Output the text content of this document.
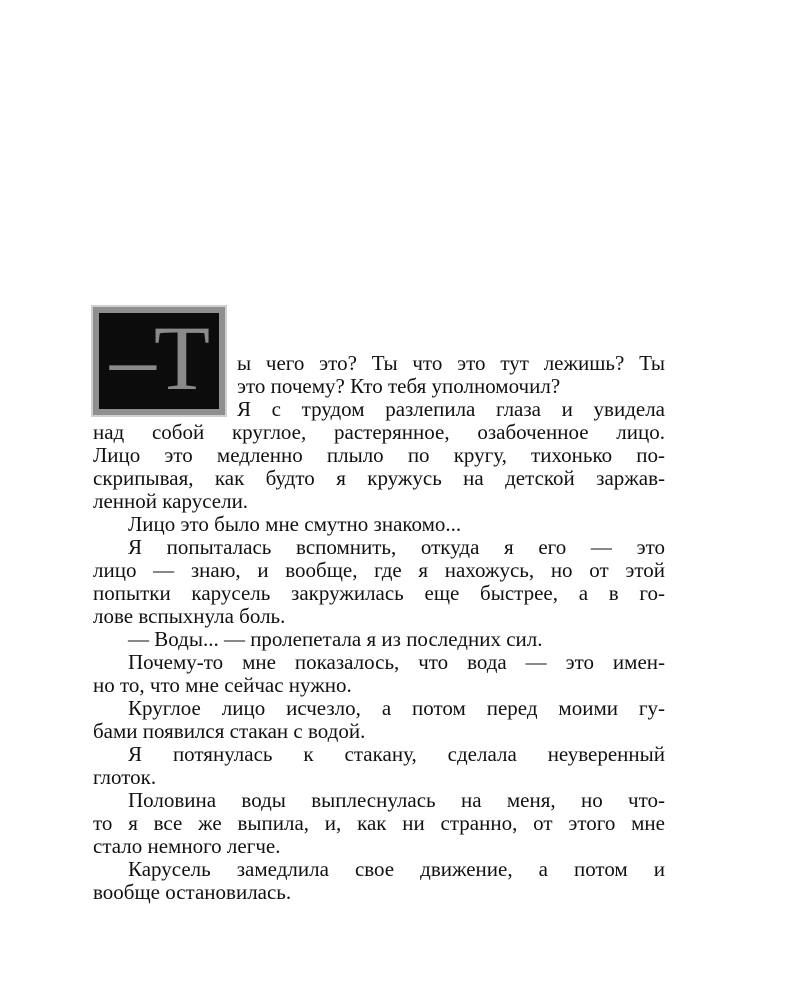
–Т ы чего это? Ты что это тут лежишь? Ты
это почему? Кто тебя уполномочил?
Я с трудом разлепила глаза и увидела
над собой круглое, растерянное, озабоченное лицо.
Лицо это медленно плыло по кругу, тихонько по-
скрипывая, как будто я кружусь на детской заржав-
ленной карусели.
Лицо это было мне смутно знакомо...
Я попыталась вспомнить, откуда я его — это
лицо — знаю, и вообще, где я нахожусь, но от этой
попытки карусель закружилась еще быстрее, а в го-
лове вспыхнула боль.
— Воды... — пролепетала я из последних сил.
Почему-то мне показалось, что вода — это имен-
но то, что мне сейчас нужно.
Круглое лицо исчезло, а потом перед моими гу-
бами появился стакан с водой.
Я потянулась к стакану, сделала неуверенный
глоток.
Половина воды выплеснулась на меня, но что-
то я все же выпила, и, как ни странно, от этого мне
стало немного легче.
Карусель замедлила свое движение, а потом и
вообще остановилась.
